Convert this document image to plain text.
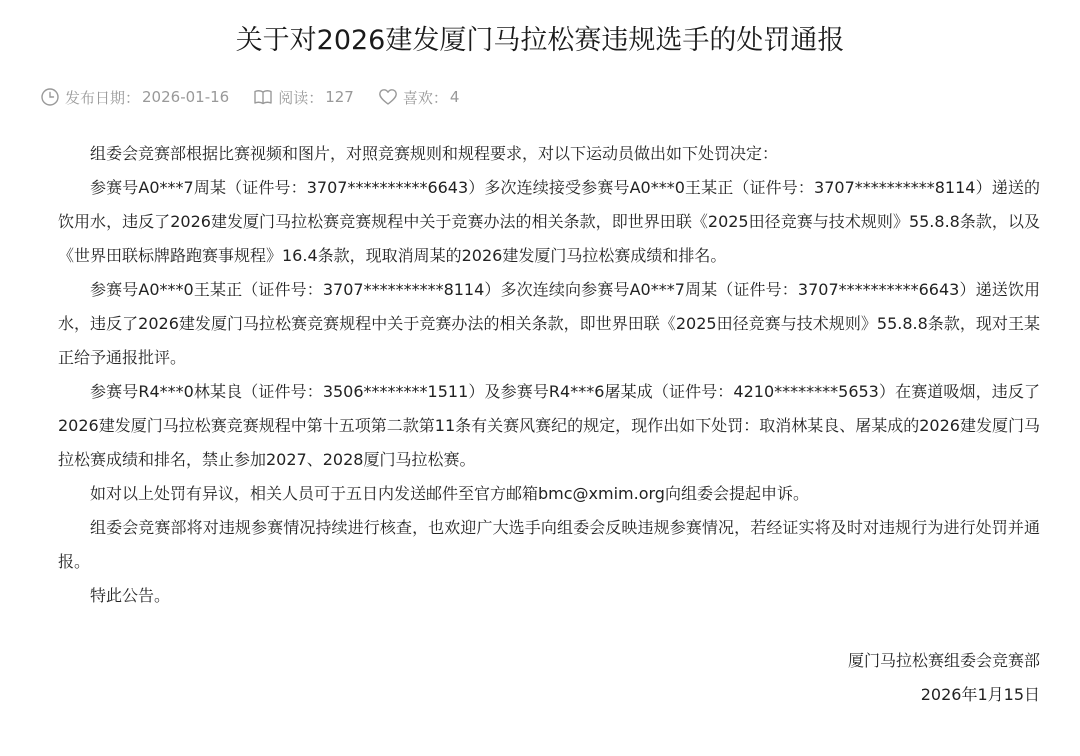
关于对2026建发厦门马拉松赛违规选手的处罚通报
发布日期： 2026-01-16	阅读： 127	喜欢： 4

组委会竞赛部根据比赛视频和图片，对照竞赛规则和规程要求，对以下运动员做出如下处罚决定：

参赛号A0***7周某（证件号：3707**********6643）多次连续接受参赛号A0***0王某正（证件号：3707**********8114）递送的饮用水，违反了2026建发厦门马拉松赛竞赛规程中关于竞赛办法的相关条款，即世界田联《2025田径竞赛与技术规则》55.8.8条款，以及《世界田联标牌路跑赛事规程》16.4条款，现取消周某的2026建发厦门马拉松赛成绩和排名。

参赛号A0***0王某正（证件号：3707**********8114）多次连续向参赛号A0***7周某（证件号：3707**********6643）递送饮用水，违反了2026建发厦门马拉松赛竞赛规程中关于竞赛办法的相关条款，即世界田联《2025田径竞赛与技术规则》55.8.8条款，现对王某正给予通报批评。

参赛号R4***0林某良（证件号：3506********1511）及参赛号R4***6屠某成（证件号：4210********5653）在赛道吸烟，违反了2026建发厦门马拉松赛竞赛规程中第十五项第二款第11条有关赛风赛纪的规定，现作出如下处罚：取消林某良、屠某成的2026建发厦门马拉松赛成绩和排名，禁止参加2027、2028厦门马拉松赛。

如对以上处罚有异议，相关人员可于五日内发送邮件至官方邮箱bmc@xmim.org向组委会提起申诉。

组委会竞赛部将对违规参赛情况持续进行核查，也欢迎广大选手向组委会反映违规参赛情况，若经证实将及时对违规行为进行处罚并通报。

特此公告。

厦门马拉松赛组委会竞赛部
2026年1月15日
